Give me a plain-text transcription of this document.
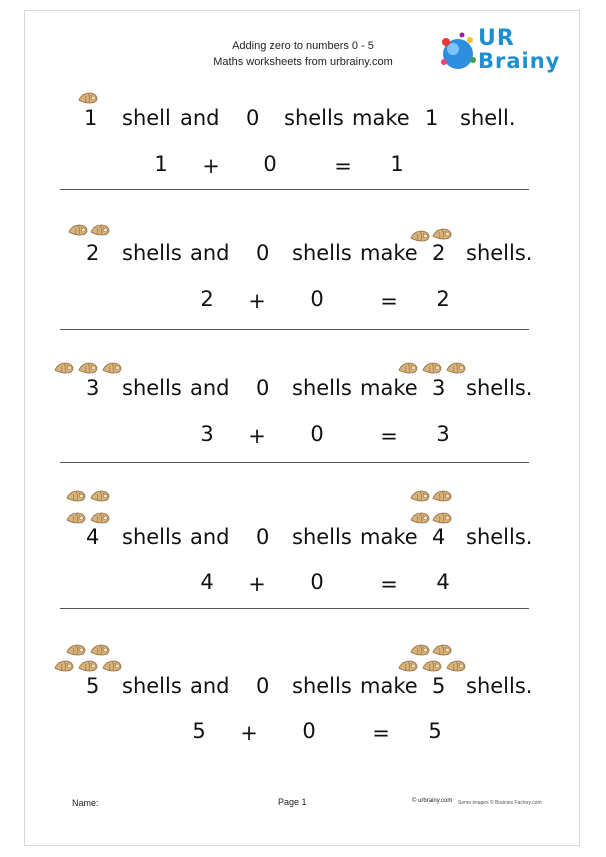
Adding zero to numbers 0 - 5
Maths worksheets from urbrainy.com
UR
Brainy
1 shell and 0 shells make 1 shell.
1	+	0	=	1
2 shells and 0 shells make 2 shells.
2	+	0	=	2
3 shells and 0 shells make 3 shells.
3	+	0	=	3
4 shells and 0 shells make 4 shells.
4	+	0	=	4
5 shells and 0 shells make 5 shells.
5	+	0	=	5
Name:	Page 1	© urbrainy.com Some images © Brainies Factory.com
